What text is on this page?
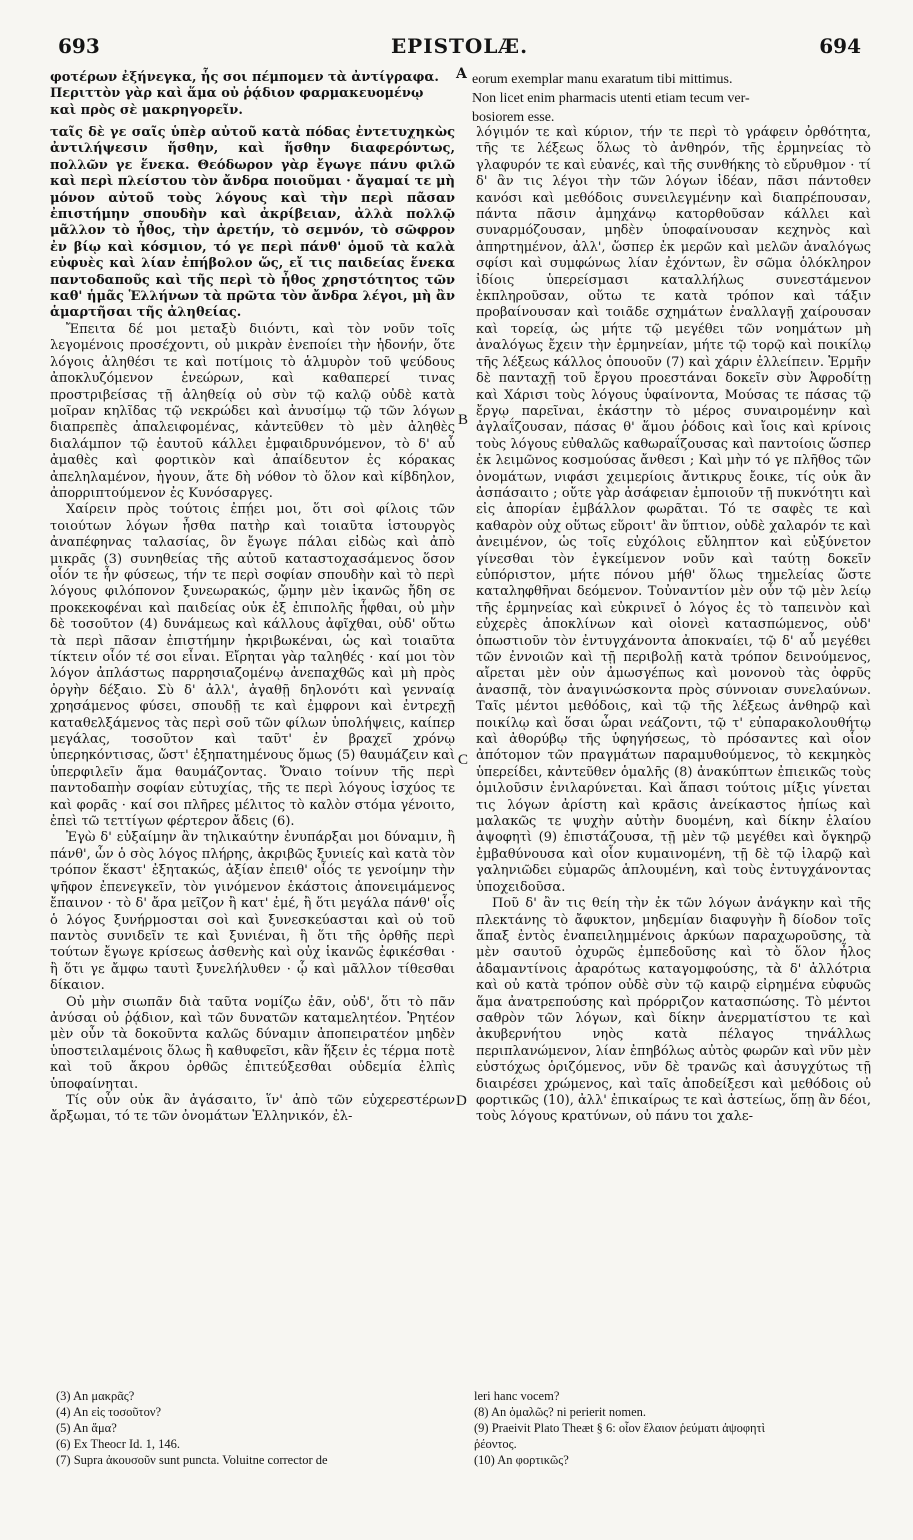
693	EPISTOLÆ.	694
φοτέρων ἐξήνεγκα, ἧς σοι πέμπομεν τὰ ἀντίγραφα.
Περιττὸν γὰρ καὶ ἅμα οὐ ῥᾴδιον φαρμακευομένῳ
καὶ πρὸς σὲ μακρηγορεῖν.
A eorum exemplar manu exaratum tibi mittimus.
Non licet enim pharmacis utenti etiam tecum ver-
bosiorem esse.

ταῖς δὲ γε σαῖς ὑπὲρ αὐτοῦ κατὰ πόδας ἐντετυχηκὼς ἀντιλήψεσιν ἥσθην, καὶ ἥσθην διαφερόντως, πολλῶν γε ἕνεκα. Θεόδωρον γὰρ ἔγωγε πάνυ φιλῶ καὶ περὶ πλείστου τὸν ἄνδρα ποιοῦμαι · ἄγαμαί τε μὴ μόνον αὐτοῦ τοὺς λόγους καὶ τὴν περὶ πᾶσαν ἐπιστήμην σπουδὴν καὶ ἀκρίβειαν, ἀλλὰ πολλῷ μᾶλλον τὸ ἦθος, τὴν ἀρετήν, τὸ σεμνόν, τὸ σῶφρον ἐν βίῳ καὶ κόσμιον, τό γε περὶ πάνθ' ὁμοῦ τὰ καλὰ εὐφυὲς καὶ λίαν ἐπήβολον ὥς, εἴ τις παιδείας ἕνεκα παντοδαποῦς καὶ τῆς περὶ τὸ ἦθος χρηστότητος τῶν καθ' ἡμᾶς Ἑλλήνων τὰ πρῶτα τὸν ἄνδρα λέγοι, μὴ ἂν ἁμαρτῆσαι τῆς ἀληθείας.

Ἔπειτα δέ μοι μεταξὺ διιόντι, καὶ τὸν νοῦν τοῖς λεγομένοις προσέχοντι, οὐ μικρὰν ἐνεποίει τὴν ἡδονήν, ὅτε λόγοις ἀληθέσι τε καὶ ποτίμοις τὸ ἁλμυρὸν τοῦ ψεύδους ἀποκλυζόμενον ἑνεώρων, καὶ καθαπερεί τινας προστριβείσας τῇ ἀληθείᾳ οὐ σὺν τῷ καλῷ οὐδὲ κατὰ μοῖραν κηλῖδας τῷ νεκρώδει καὶ ἀνυσίμῳ τῷ τῶν λόγων διαπρεπὲς ἀπαλειφομένας, κἀντεῦθεν τὸ μὲν ἀληθὲς διαλάμπον τῷ ἑαυτοῦ κάλλει ἐμφαιδρυνόμενον, τὸ δ' αὖ ἀμαθὲς καὶ φορτικὸν καὶ ἀπαίδευτον ἐς κόρακας ἀπεληλαμένον, ἠγουν, ἅτε δὴ νόθον τὸ ὅλον καὶ κίβδηλον, ἀπορριπτούμενον ἐς Κυνόσαργες.

Χαίρειν πρὸς τούτοις ἐπῄει μοι, ὅτι σοὶ φίλοις τῶν τοιούτων λόγων ἦσθα πατὴρ καὶ τοιαῦτα ἱστουργὸς ἀναπέφηνας ταλασίας, ὃν ἔγωγε πάλαι εἰδὼς καὶ ἀπὸ μικρᾶς (3) συνηθείας τῆς αὐτοῦ καταστοχασάμενος ὅσον οἷόν τε ἦν φύσεως, τήν τε περὶ σοφίαν σπουδὴν καὶ τὸ περὶ λόγους φιλόπονον ξυνεωρακώς, ᾤμην μὲν ἱκανῶς ἤδη σε προκεκοφέναι καὶ παιδείας οὐκ ἐξ ἐπιπολῆς ἧφθαι, οὐ μὴν δὲ τοσοῦτον (4) δυνάμεως καὶ κάλλους ἀφῖχθαι, οὐδ' οὕτω τὰ περὶ πᾶσαν ἐπιστήμην ἠκριβωκέναι, ὡς καὶ τοιαῦτα τίκτειν οἷόν τέ σοι εἶναι. Εἴρηται γὰρ ταληθές · καί μοι τὸν λόγον ἀπλάστως παρρησιαζομένῳ ἀνεπαχθῶς καὶ μὴ πρὸς ὀργὴν δέξαιο. Σὺ δ' ἀλλ', ἀγαθῇ δηλονότι καὶ γενναίᾳ χρησάμενος φύσει, σπουδῇ τε καὶ ἐμφρονι καὶ ἐντρεχῇ καταθελξάμενος τὰς περὶ σοῦ τῶν φίλων ὑπολήψεις, καίπερ μεγάλας, τοσοῦτον καὶ ταῦτ' ἐν βραχεῖ χρόνῳ ὑπερηκόντισας, ὥστ' ἐξηπατημένους ὅμως (5) θαυμάζειν καὶ ὑπερφιλεῖν ἅμα θαυμάζοντας. Ὄναιο τοίνυν τῆς περὶ παντοδαπὴν σοφίαν εὐτυχίας, τῆς τε περὶ λόγους ἰσχύος τε καὶ φορᾶς · καί σοι πλῆρες μέλιτος τὸ καλὸν στόμα γένοιτο, ἐπεὶ τῶ τεττίγων φέρτερον ἄδεις (6).

Ἐγὼ δ' εὐξαίμην ἂν τηλικαύτην ἐνυπάρξαι μοι δύναμιν, ἢ πάνθ', ὧν ὁ σὸς λόγος πλήρης, ἀκριβῶς ξυνιείς καὶ κατὰ τὸν τρόπον ἕκαστ' ἐξητακώς, ἀξίαν ἐπειθ' οἷός τε γενοίμην τὴν ψῆφον ἐπενεγκεῖν, τὸν γινόμενον ἑκάστοις ἀπονειμάμενος ἔπαινον · τὸ δ' ἄρα μεῖζον ἢ κατ' ἐμέ, ἢ ὅτι μεγάλα πάνθ' οἷς ὁ λόγος ξυνήρμοσται σοὶ καὶ ξυνεσκεύασται καὶ οὐ τοῦ παντὸς συνιδεῖν τε καὶ ξυνιέναι, ἢ ὅτι τῆς ὀρθῆς περὶ τούτων ἔγωγε κρίσεως ἀσθενὴς καὶ οὐχ ἱκανῶς ἐφικέσθαι · ἢ ὅτι γε ἄμφω ταυτὶ ξυνελήλυθεν · ᾧ καὶ μᾶλλον τίθεσθαι δίκαιον.

Οὐ μὴν σιωπᾶν διὰ ταῦτα νομίζω ἐᾶν, οὐδ', ὅτι τὸ πᾶν ἀνύσαι οὐ ῥᾴδιον, καὶ τῶν δυνατῶν καταμελητέον. Ῥητέον μὲν οὖν τὰ δοκοῦντα καλῶς δύναμιν ἀποπειρατέον μηδὲν ὑποστειλαμένοις ὅλως ἢ καθυφεῖσι, κἂν ἥξειν ἐς τέρμα ποτὲ καὶ τοῦ ἄκρου ὀρθῶς ἐπιτεύξεσθαι οὐδεμία ἐλπὶς ὑποφαίνηται.

Τίς οὖν οὐκ ἂν ἀγάσαιτο, ἵν' ἀπὸ τῶν εὐχερεστέρων ἄρξωμαι, τό τε τῶν ὀνομάτων Ἑλληνικόν, ἐλ-

B
C
D

λόγιμόν τε καὶ κύριον, τήν τε περὶ τὸ γράφειν ὀρθότητα, τῆς τε λέξεως ὅλως τὸ ἀνθηρόν, τῆς ἑρμηνείας τὸ γλαφυρόν τε καὶ εὐανές, καὶ τῆς συνθήκης τὸ εὔρυθμον · τί δ' ἂν τις λέγοι τὴν τῶν λόγων ἰδέαν, πᾶσι πάντοθεν κανόσι καὶ μεθόδοις συνειλεγμένην καὶ διαπρέπουσαν, πάντα πᾶσιν ἀμηχάνῳ κατορθοῦσαν κάλλει καὶ συναρμόζουσαν, μηδὲν ὑποφαίνουσαν κεχηνὸς καὶ ἀπηρτημένον, ἀλλ', ὥσπερ ἐκ μερῶν καὶ μελῶν ἀναλόγως σφίσι καὶ συμφώνως λίαν ἐχόντων, ἓν σῶμα ὁλόκληρον ἰδίοις ὑπερείσμασι καταλλήλως συνεστάμενον ἐκπληροῦσαν, οὕτω τε κατὰ τρόπον καὶ τάξιν προβαίνουσαν καὶ τοιᾶδε σχημάτων ἐναλλαγῇ χαίρουσαν καὶ τορείᾳ, ὡς μήτε τῷ μεγέθει τῶν νοημάτων μὴ ἀναλόγως ἔχειν τὴν ἑρμηνείαν, μήτε τῷ τορῷ καὶ ποικίλῳ τῆς λέξεως κάλλος ὁπουοῦν (7) καὶ χάριν ἐλλείπειν. Ἑρμῆν δὲ πανταχῇ τοῦ ἔργου προεστάναι δοκεῖν σὺν Ἀφροδίτῃ καὶ Χάρισι τοὺς λόγους ὑφαίνοντα, Μούσας τε πάσας τῷ ἔργῳ παρεῖναι, ἑκάστην τὸ μέρος συναιρομένην καὶ ἀγλαΐζουσαν, πάσας θ' ἅμου ῥόδοις καὶ ἴοις καὶ κρίνοις τοὺς λόγους εὐθαλῶς καθωραΐζουσας καὶ παντοίοις ὥσπερ ἐκ λειμῶνος κοσμούσας ἄνθεσι ; Καὶ μὴν τό γε πλῆθος τῶν ὀνομάτων, νιφάσι χειμερίοις ἄντικρυς ἔοικε, τίς οὐκ ἂν ἀσπάσαιτο ; οὔτε γὰρ ἀσάφειαν ἐμποιοῦν τῇ πυκνότητι καὶ εἰς ἀπορίαν ἐμβάλλον φωρᾶται. Τό τε σαφὲς τε καὶ καθαρὸν οὐχ οὕτως εὕροιτ' ἂν ὕπτιον, οὐδὲ χαλαρόν τε καὶ ἀνειμένον, ὡς τοῖς εὐχόλοις εὔληπτον καὶ εὐξύνετον γίνεσθαι τὸν ἐγκείμενον νοῦν καὶ ταύτῃ δοκεῖν εὐπόριστον, μήτε πόνου μήθ' ὅλως τημελείας ὥστε καταληφθῆναι δεόμενον. Τοὐναντίον μὲν οὖν τῷ μὲν λείῳ τῆς ἑρμηνείας καὶ εὐκρινεῖ ὁ λόγος ἐς τὸ ταπεινὸν καὶ εὐχερὲς ἀποκλίνων καὶ οἱονεὶ κατασπώμενος, οὐδ' ὁπωστιοῦν τὸν ἐντυγχάνοντα ἀποκναίει, τῷ δ' αὖ μεγέθει τῶν ἐννοιῶν καὶ τῇ περιβολῇ κατὰ τρόπον δεινούμενος, αἴρεται μὲν οὐν ἀμωσγέπως καὶ μονονοὺ τὰς ὀφρῦς ἀνασπᾷ, τὸν ἀναγινώσκοντα πρὸς σύννοιαν συνελαύνων. Ταῖς μέντοι μεθόδοις, καὶ τῷ τῆς λέξεως ἀνθηρῷ καὶ ποικίλῳ καὶ ὅσαι ὧραι νεάζοντι, τῷ τ' εὐπαρακολουθήτῳ καὶ ἀθορύβῳ τῆς ὑφηγήσεως, τὸ πρόσαντες καὶ οἷον ἀπότομον τῶν πραγμάτων παραμυθούμενος, τὸ κεκμηκὸς ὑπερείδει, κἀντεῦθεν ὁμαλῆς (8) ἀνακύπτων ἐπιεικῶς τοὺς ὁμιλοῦσιν ἐνιλαρύνεται. Καὶ ἅπασι τούτοις μίξις γίνεται τις λόγων ἀρίστη καὶ κρᾶσις ἀνείκαστος ἠπίως καὶ μαλακῶς τε ψυχὴν αὐτὴν δυομένη, καὶ δίκην ἐλαίου ἀψοφητὶ (9) ἐπιστάζουσα, τῇ μὲν τῷ μεγέθει καὶ ὄγκηρῷ ἐμβαθύνουσα καὶ οἷον κυμαινομένη, τῇ δὲ τῷ ἱλαρῷ καὶ γαληνιῶδει εὐμαρῶς ἁπλουμένη, καὶ τοὺς ἐντυγχάνοντας ὑποχειδοῦσα.

Ποῦ δ' ἂν τις θείη τὴν ἐκ τῶν λόγων ἀνάγκην καὶ τῆς πλεκτάνης τὸ ἄφυκτον, μηδεμίαν διαφυγὴν ἢ δίοδον τοῖς ἅπαξ ἐντὸς ἐναπειλημμένοις ἀρκύων παραχωροῦσης, τὰ μὲν σαυτοῦ ὀχυρῶς ἐμπεδοῦσης καὶ τὸ ὅλον ἦλος ἀδαμαντίνοις ἀραρότως καταγομφούσης, τὰ δ' ἀλλότρια καὶ οὐ κατὰ τρόπον οὐδὲ σὺν τῷ καιρῷ εἰρημένα εὐφυῶς ἅμα ἀνατρεπούσης καὶ πρόρριζον κατασπώσης. Τὸ μέντοι σαθρὸν τῶν λόγων, καὶ δίκην ἀνερματίστου τε καὶ ἀκυβερνήτου νηὸς κατὰ πέλαγος τηνάλλως περιπλανώμενον, λίαν ἐπηβόλως αὐτὸς φωρῶν καὶ νῦν μὲν εὐστόχως ὁριζόμενος, νῦν δὲ τρανῶς καὶ ἀσυγχύτως τῇ διαιρέσει χρώμενος, καὶ ταῖς ἀποδείξεσι καὶ μεθόδοις οὐ φορτικῶς (10), ἀλλ' ἐπικαίρως τε καὶ ἀστείως, ὅπῃ ἂν δέοι, τοὺς λόγους κρατύνων, οὐ πάνυ τοι χαλε-

(3) An μακρᾶς?
(4) An εἰς τοσοῦτον?
(5) An ἅμα?
(6) Ex Theocr Id. 1, 146.
(7) Supra ἀκουσοῦν sunt puncta. Voluitne corrector de
leri hanc vocem?
(8) An ὁμαλῶς? ni perierit nomen.
(9) Praeivit Plato Theæt § 6: οἷον ἔλαιον ῥεύματι ἀψοφητὶ
ῥέοντος.
(10) An φορτικῶς?
